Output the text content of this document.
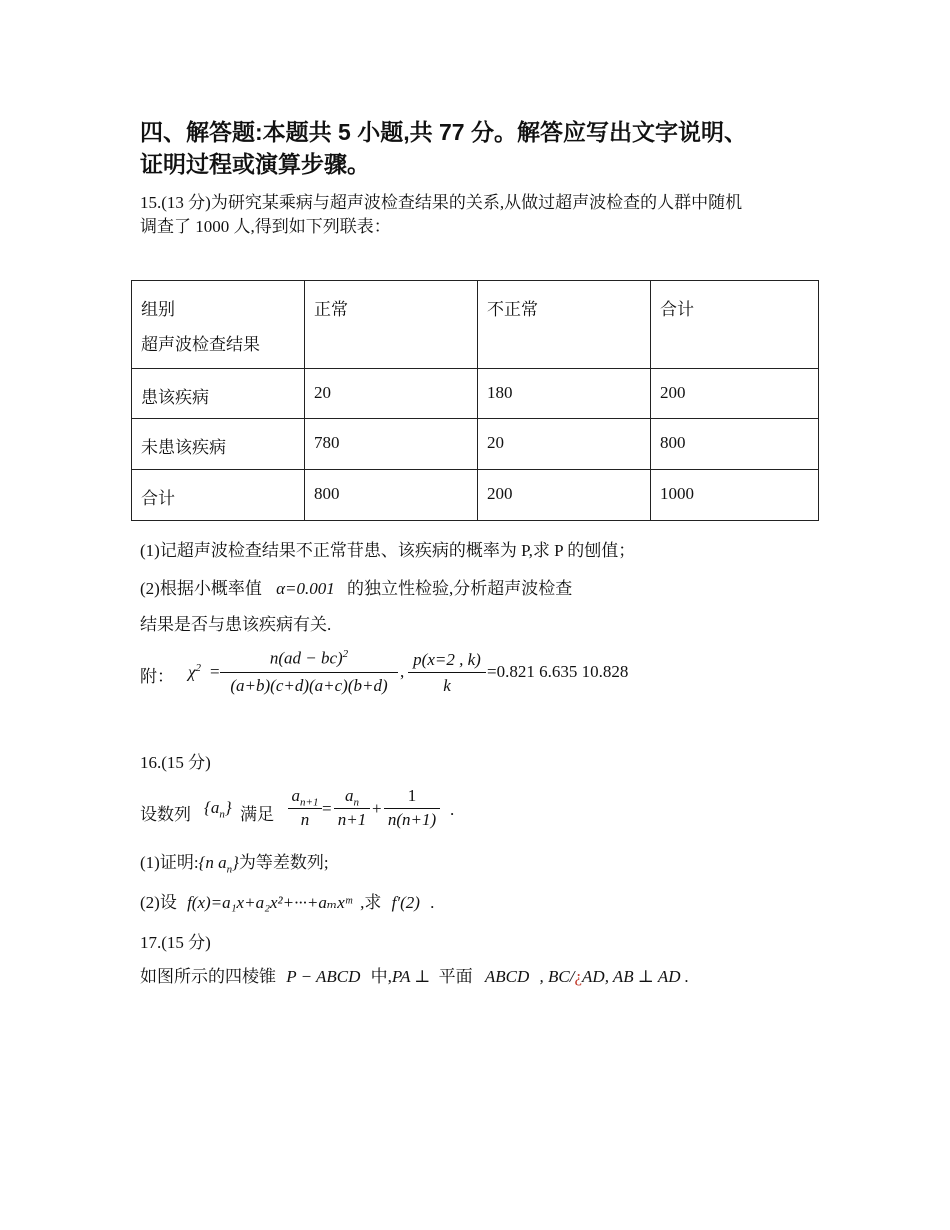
四、解答题:本题共 5 小题,共 77 分。解答应写出文字说明、
证明过程或演算步骤。
15.(13 分)为研究某乘病与超声波检查结果的关系,从做过超声波检查的人群中随机
调查了 1000 人,得到如下列联表：
组别
超声波检查结果	正常	不正常	合计
患该疾病	20	180	200
未患该疾病	780	20	800
合计	800	200	1000
(1)记超声波检查结果不正常苷患、该疾病的概率为 P,求 P 的刨值；
(2)根据小概率值 α=0.001 的独立性检验,分析超声波检查
结果是否与患该疾病有关.
附： $\chi^2$ =
n(ad − bc)$^2$
(a+b)(c+d)(a+c)(b+d)
,
p(x=2 , k)
k
=0.821 6.635 10.828
16.(15 分)
设数列 $\{a_n\}$ 满足
$a_{n+1}$
n
=
$a_n$
n+1
+
1
n(n+1)
.
(1)证明:{n $a_n$}为等差数列;
(2)设 f(x)=a₁x+a₂x²+···+aₘxᵐ ,求 f′(2) .
17.(15 分)
如图所示的四棱锥 P − ABCD 中,PA ⊥ 平面 ABCD , BC/¿AD, AB ⊥ AD .
